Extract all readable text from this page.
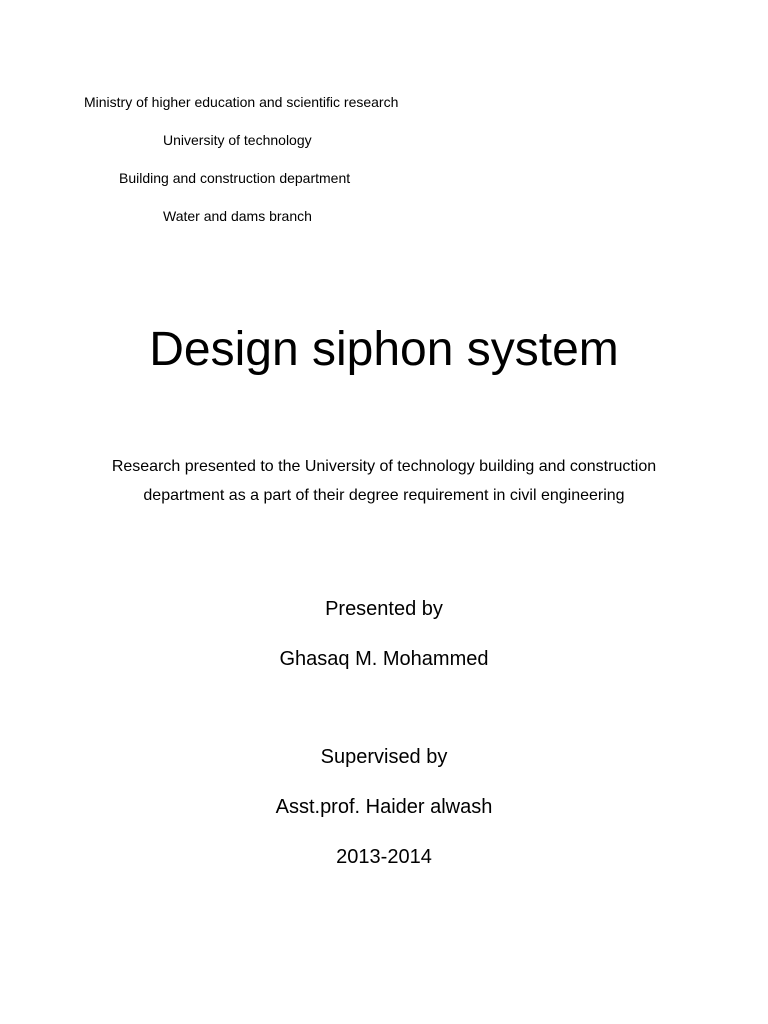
Ministry of higher education and scientific research
University of technology
Building and construction department
Water and dams branch
Design siphon system
Research presented to the University of technology building and construction department as a part of their degree requirement in civil engineering
Presented by
Ghasaq M. Mohammed
Supervised by
Asst.prof. Haider alwash
2013-2014
